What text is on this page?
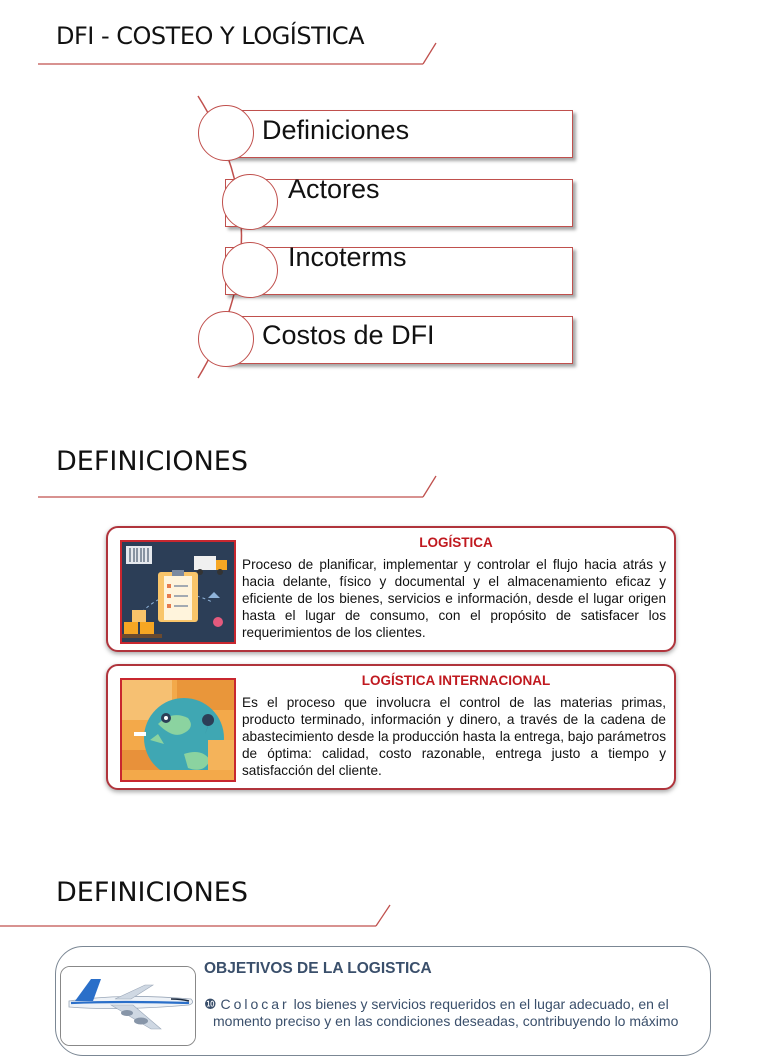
DFI - COSTEO Y LOGÍSTICA
Definiciones
Actores
Incoterms
Costos de DFI
DEFINICIONES
LOGÍSTICA
Proceso de planificar, implementar y controlar el flujo hacia atrás y hacia delante, físico y documental y el almacenamiento eficaz y eficiente de los bienes, servicios e información, desde el lugar origen hasta el lugar de consumo, con el propósito de satisfacer los requerimientos de los clientes.
LOGÍSTICA INTERNACIONAL
Es el proceso que involucra el control de las materias primas, producto terminado, información y dinero, a través de la cadena de abastecimiento desde la producción hasta la entrega, bajo parámetros de óptima: calidad, costo razonable, entrega justo a tiempo y satisfacción del cliente.
DEFINICIONES
OBJETIVOS DE LA LOGISTICA
❿ Colocar los bienes y servicios requeridos en el lugar adecuado, en el
momento preciso y en las condiciones deseadas, contribuyendo lo máximo
